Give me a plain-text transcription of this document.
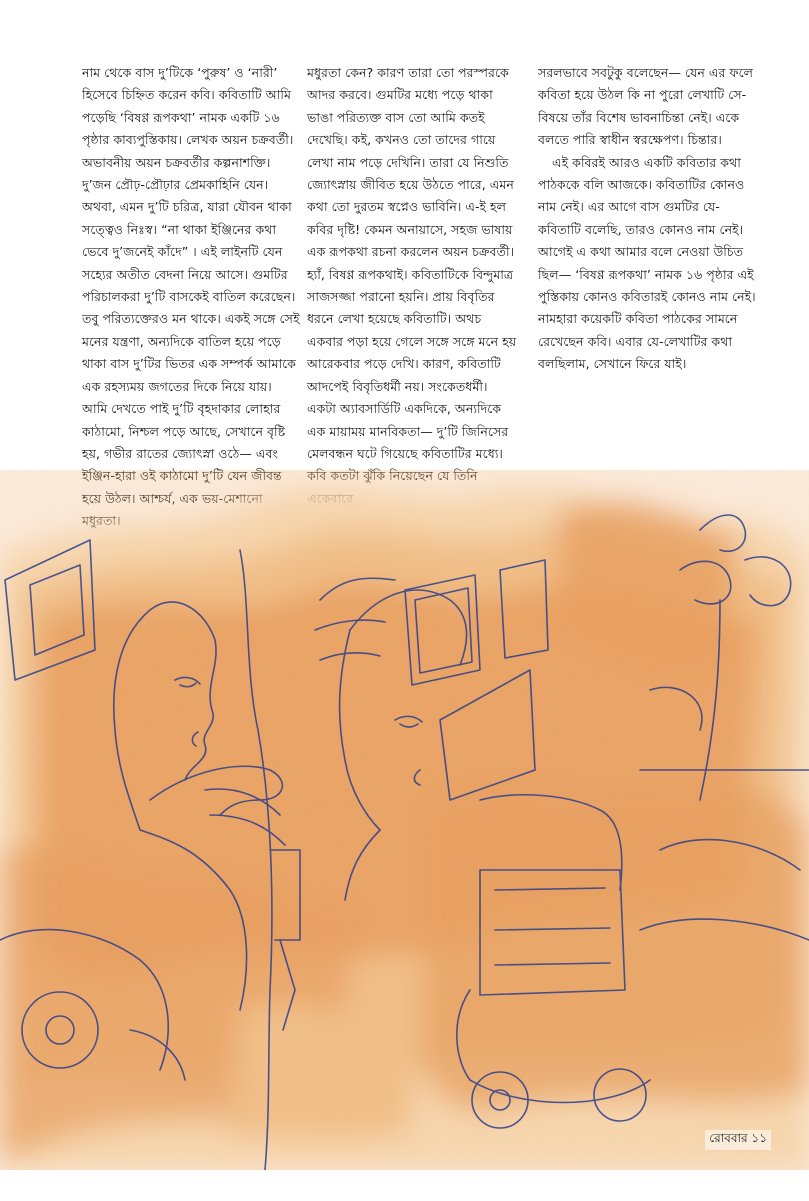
নাম থেকে বাস দু’টিকে ‘পুরুষ’ ও ‘নারী’ হিসেবে চিহ্নিত করেন কবি। কবিতাটি আমি পড়েছি ‘বিষণ্ণ রূপকথা’ নামক একটি ১৬ পৃষ্ঠার কাব্যপুস্তিকায়। লেখক অয়ন চক্রবর্তী। অভাবনীয় অয়ন চক্রবর্তীর কল্পনাশক্তি। দু’জন প্রৌঢ়-প্রৌঢ়ার প্রেমকাহিনি যেন। অথবা, এমন দু’টি চরিত্র, যারা যৌবন থাকা সত্ত্বেও নিঃস্ব। “না থাকা ইঞ্জিনের কথা ভেবে দু’জনেই কাঁদে” । এই লাইনটি যেন সহ্যের অতীত বেদনা নিয়ে আসে। গুমটির পরিচালকরা দু’টি বাসকেই বাতিল করেছেন। তবু পরিত্যক্তেরও মন থাকে। একই সঙ্গে সেই মনের যন্ত্রণা, অন্যদিকে বাতিল হয়ে পড়ে থাকা বাস দু’টির ভিতর এক সম্পর্ক আমাকে এক রহস্যময় জগতের দিকে নিয়ে যায়। আমি দেখতে পাই দু’টি বৃহদাকার লোহার কাঠামো, নিশ্চল পড়ে আছে, সেখানে বৃষ্টি হয়, গভীর রাতের জ্যোৎস্না ওঠে— এবং ইঞ্জিন-হারা ওই কাঠামো দু’টি যেন জীবন্ত হয়ে উঠল। আশ্চর্য, এক ভয়-মেশানো মধুরতা।

মধুরতা কেন? কারণ তারা তো পরস্পরকে আদর করবে। গুমটির মধ্যে পড়ে থাকা ভাঙা পরিত্যক্ত বাস তো আমি কতই দেখেছি। কই, কখনও তো তাদের গায়ে লেখা নাম পড়ে দেখিনি। তারা যে নিশুতি জ্যোৎস্নায় জীবিত হয়ে উঠতে পারে, এমন কথা তো দুরতম স্বপ্নেও ভাবিনি। এ-ই হল কবির দৃষ্টি! কেমন অনায়াসে, সহজ ভাষায় এক রূপকথা রচনা করলেন অয়ন চক্রবর্তী। হ্যাঁ, বিষণ্ণ রূপকথাই। কবিতাটিকে বিন্দুমাত্র সাজসজ্জা পরানো হয়নি। প্রায় বিবৃতির ধরনে লেখা হয়েছে কবিতাটি। অথচ একবার পড়া হয়ে গেলে সঙ্গে সঙ্গে মনে হয় আরেকবার পড়ে দেখি। কারণ, কবিতাটি আদপেই বিবৃতিধর্মী নয়। সংকেতধর্মী। একটা অ্যাবসার্ডিটি একদিকে, অন্যদিকে এক মায়াময় মানবিকতা— দু’টি জিনিসের মেলবন্ধন ঘটে গিয়েছে কবিতাটির মধ্যে। কবি কতটা ঝুঁকি নিয়েছেন যে তিনি

সরলভাবে সবটুকু বলেছেন— যেন এর ফলে কবিতা হয়ে উঠল কি না পুরো লেখাটি সে-বিষয়ে তাঁর বিশেষ ভাবনাচিন্তা নেই। একে বলতে পারি স্বাধীন স্বরক্ষেপণ। চিন্তার।

এই কবিরই আরও একটি কবিতার কথা পাঠককে বলি আজকে। কবিতাটির কোনও নাম নেই। এর আগে বাস গুমটির যে-কবিতাটি বলেছি, তারও কোনও নাম নেই। আগেই এ কথা আমার বলে নেওয়া উচিত ছিল— ‘বিষণ্ণ রূপকথা’ নামক ১৬ পৃষ্ঠার এই পুস্তিকায় কোনও কবিতারই কোনও নাম নেই। নামহারা কয়েকটি কবিতা পাঠকের সামনে রেখেছেন কবি। এবার যে-লেখাটির কথা বলছিলাম, সেখানে ফিরে যাই।

রোববার ১১
